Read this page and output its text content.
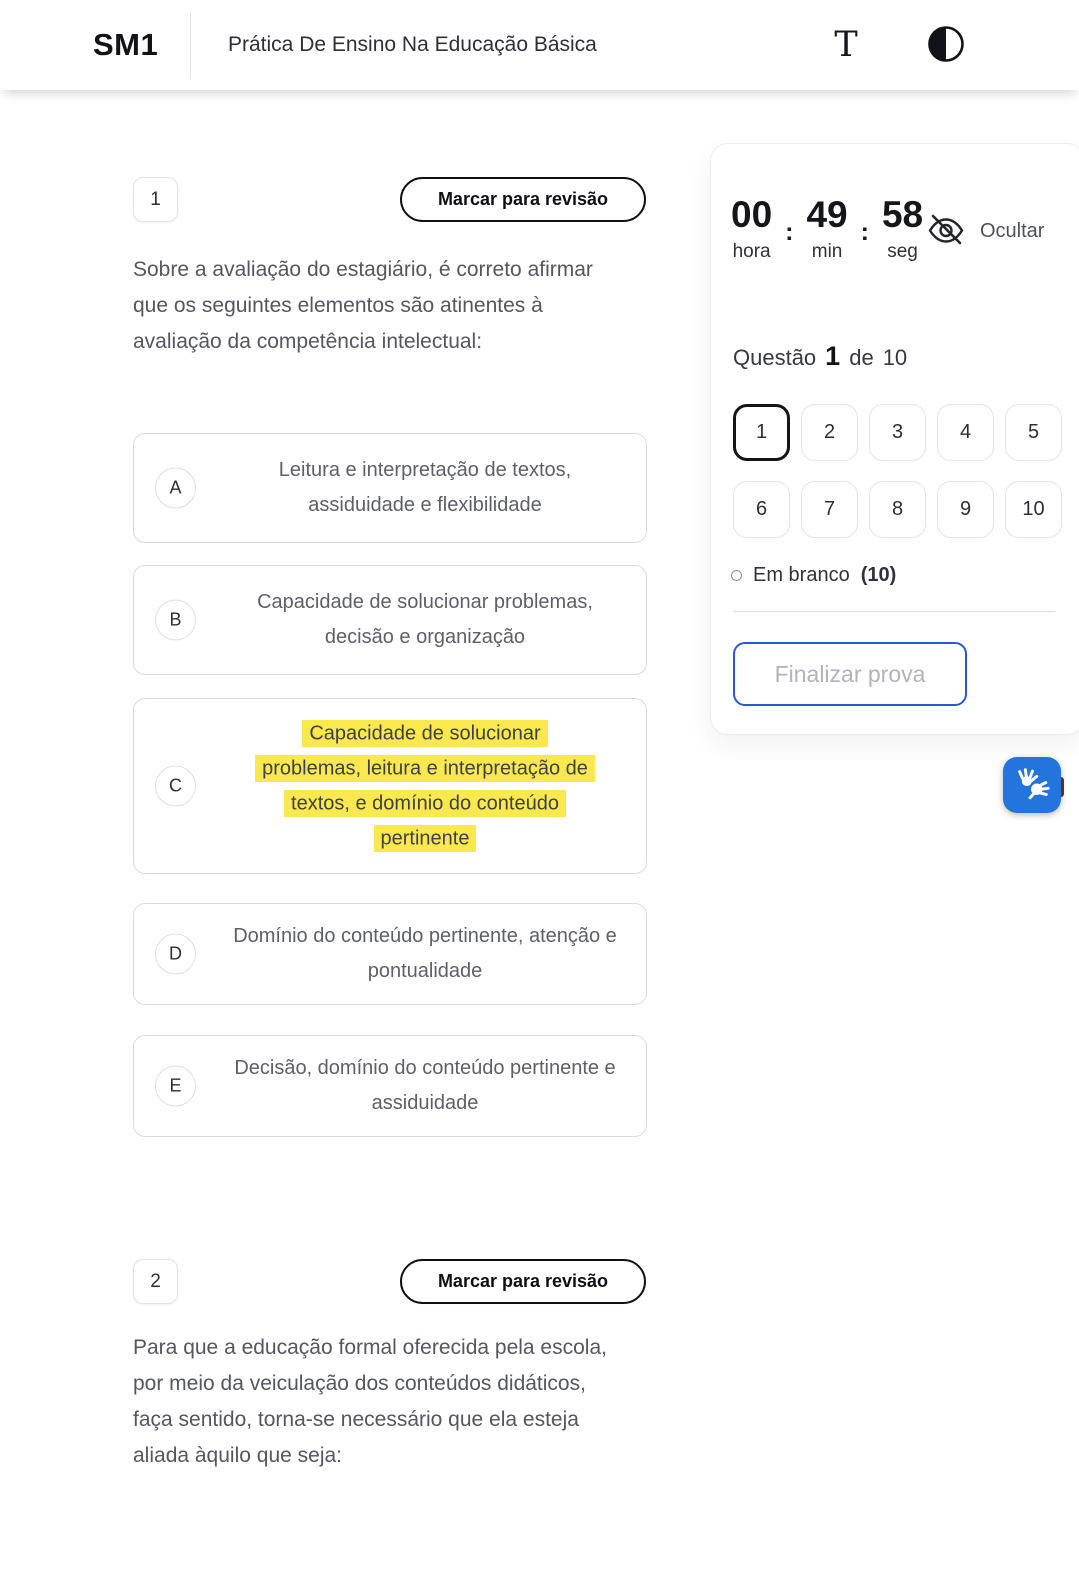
SM1	Prática De Ensino Na Educação Básica	T
1	Marcar para revisão
Sobre a avaliação do estagiário, é correto afirmar que os seguintes elementos são atinentes à avaliação da competência intelectual:
A
Leitura e interpretação de textos, assiduidade e flexibilidade
B
Capacidade de solucionar problemas, decisão e organização
C
Capacidade de solucionar
problemas, leitura e interpretação de
textos, e domínio do conteúdo
pertinente
D
Domínio do conteúdo pertinente, atenção e pontualidade
E
Decisão, domínio do conteúdo pertinente e assiduidade
2	Marcar para revisão
Para que a educação formal oferecida pela escola, por meio da veiculação dos conteúdos didáticos, faça sentido, torna-se necessário que ela esteja aliada àquilo que seja:
00
hora
: 49
min
: 58
seg
Ocultar
Questão 1 de 10
1	2	3	4	5
6	7	8	9	10
Em branco (10)
Finalizar prova
